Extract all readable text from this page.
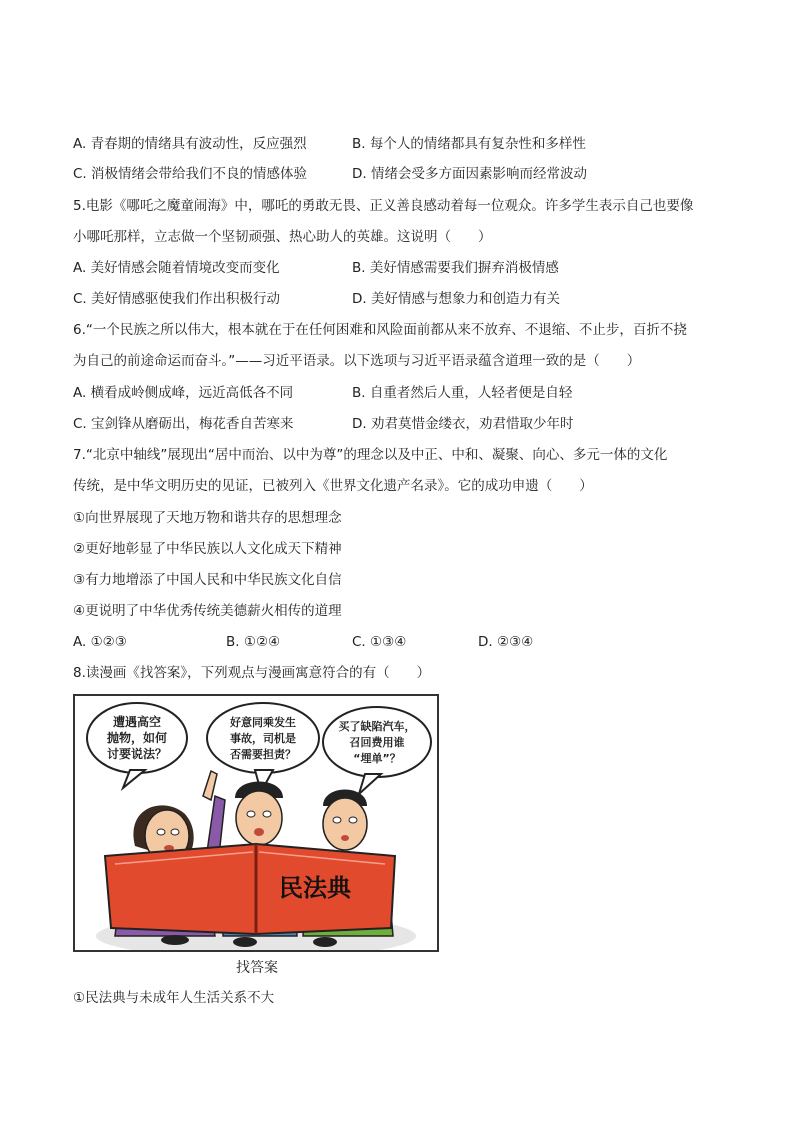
A. 青春期的情绪具有波动性，反应强烈	B. 每个人的情绪都具有复杂性和多样性
C. 消极情绪会带给我们不良的情感体验	D. 情绪会受多方面因素影响而经常波动
5.电影《哪吒之魔童闹海》中，哪吒的勇敢无畏、正义善良感动着每一位观众。许多学生表示自己也要像
小哪吒那样，立志做一个坚韧顽强、热心助人的英雄。这说明（　　）
A. 美好情感会随着情境改变而变化	B. 美好情感需要我们摒弃消极情感
C. 美好情感驱使我们作出积极行动	D. 美好情感与想象力和创造力有关
6.“一个民族之所以伟大，根本就在于在任何困难和风险面前都从来不放弃、不退缩、不止步，百折不挠
为自己的前途命运而奋斗。”——习近平语录。以下选项与习近平语录蕴含道理一致的是（　　）
A. 横看成岭侧成峰，远近高低各不同	B. 自重者然后人重，人轻者便是自轻
C. 宝剑锋从磨砺出，梅花香自苦寒来	D. 劝君莫惜金缕衣，劝君惜取少年时
7.“北京中轴线”展现出“居中而治、以中为尊”的理念以及中正、中和、凝聚、向心、多元一体的文化
传统，是中华文明历史的见证，已被列入《世界文化遗产名录》。它的成功申遗（　　）
①向世界展现了天地万物和谐共存的思想理念
②更好地彰显了中华民族以人文化成天下精神
③有力地增添了中国人民和中华民族文化自信
④更说明了中华优秀传统美德薪火相传的道理
A. ①②③	B. ①②④	C. ①③④	D. ②③④
8.读漫画《找答案》，下列观点与漫画寓意符合的有（　　）
遭遇高空
抛物，如何
讨要说法？
好意同乘发生
事故，司机是
否需要担责？
买了缺陷汽车，
召回费用谁
“埋单”？
民法典
找答案
①民法典与未成年人生活关系不大
